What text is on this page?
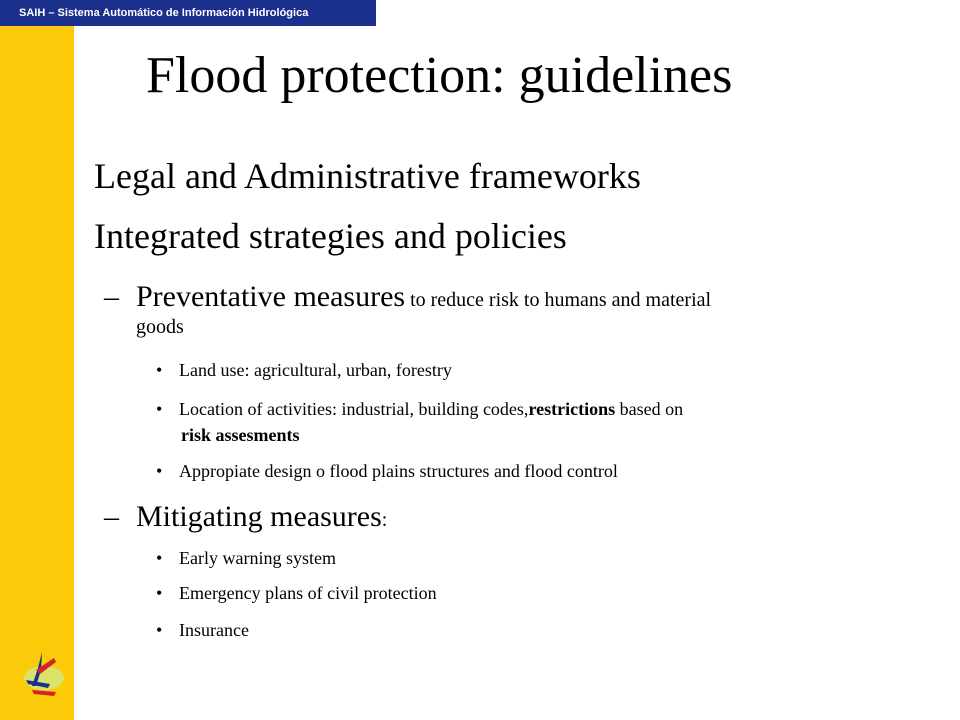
SAIH – Sistema Automático de Información Hidrológica
Flood protection: guidelines
Legal and Administrative frameworks
Integrated strategies and policies
– Preventative measures to reduce risk to humans and material
goods
• Land use: agricultural, urban, forestry
• Location of activities: industrial, building codes,restrictions based on
risk assesments
• Appropiate design o flood plains structures and flood control
– Mitigating measures:
• Early warning system
• Emergency plans of civil protection
• Insurance
